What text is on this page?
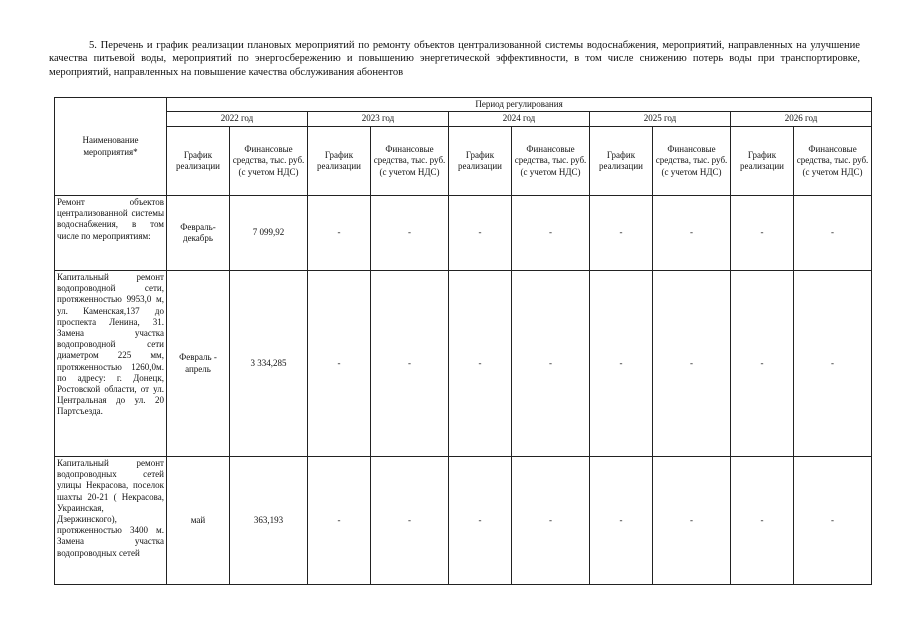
5. Перечень и график реализации плановых мероприятий по ремонту объектов централизованной системы водоснабжения, мероприятий, направленных на улучшение качества питьевой воды, мероприятий по энергосбережению и повышению энергетической эффективности, в том числе снижению потерь воды при транспортировке, мероприятий, направленных на повышение качества обслуживания абонентов

Наименование мероприятия*	Период регулирования									
	2022 год		2023 год		2024 год		2025 год		2026 год	
	График реализации	Финансовые средства, тыс. руб. (с учетом НДС)	График реализации	Финансовые средства, тыс. руб. (с учетом НДС)	График реализации	Финансовые средства, тыс. руб. (с учетом НДС)	График реализации	Финансовые средства, тыс. руб. (с учетом НДС)	График реализации	Финансовые средства, тыс. руб. (с учетом НДС)
Ремонт объектов централизованной системы водоснабжения, в том числе по мероприятиям:	Февраль-декабрь	7 099,92	-	-	-	-	-	-	-	-
Капитальный ремонт водопроводной сети, протяженностью 9953,0 м, ул. Каменская,137 до проспекта Ленина, 31. Замена участка водопроводной сети диаметром 225 мм, протяженностью 1260,0м. по адресу: г. Донецк, Ростовской области, от ул. Центральная до ул. 20 Партсъезда.	Февраль - апрель	3 334,285	-	-	-	-	-	-	-	-
Капитальный ремонт водопроводных сетей улицы Некрасова, поселок шахты 20-21 ( Некрасова, Украинская, Дзержинского), протяженностью 3400 м. Замена участка водопроводных сетей	май	363,193	-	-	-	-	-	-	-	-
